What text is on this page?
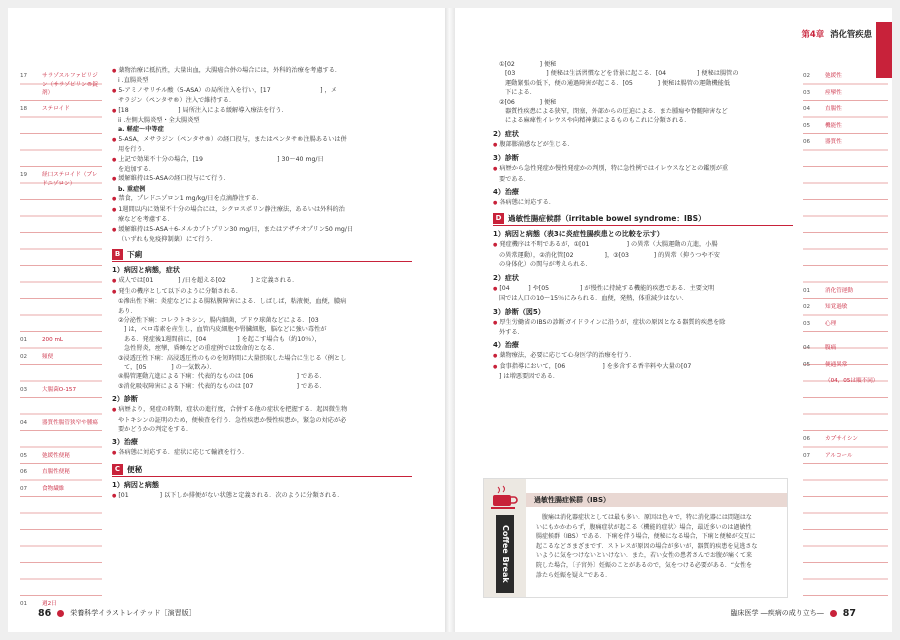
17	サラゾスルファピリジン（サラゾピリン®錠剤）
18	ステロイド
19	経口ステロイド（プレドニゾロン）
01	200 mL
02	頻便
03	大腸菌O-157
04	器質性腸管狭窄や腫瘍
05	弛緩性便秘
06	直腸性便秘
07	食物繊維
01	週2日
● 薬物治療に抵抗性，大量出血，大腸癌合併の場合には，外科的治療を考慮する．
i .直腸炎型
● 5-アミノサリチル酸（5-ASA）の局所注入を行い，[17　　　　　　　　] ，メ
サラジン（ペンタサ®）注入で維持する．
● [18　　　　　　　　] 局所注入による緩解導入療法を行う．
ii .左側大腸炎型・全大腸炎型
a. 軽症〜中等症
● 5-ASA，メサラジン（ペンタサ®）の経口投与，またはペンタサ®注腸あるいは併
用を行う．
● 上記で効果不十分の場合，[19　　　　　　　　　　　　] 30〜40 mg/日
を追加する．
● 緩解維持は5-ASAの経口投与にて行う．
b. 重症例
● 禁食，プレドニゾロン1 mg/kg/日を点滴静注する．
● 1週間以内に効果不十分の場合には，シクロスポリン静注療法，あるいは外科的治
療などを考慮する．
● 緩解維持は5-ASA＋6-メルカプトプリン30 mg/日，またはアザチオプリン50 mg/日
（いずれも免疫抑制薬）にて行う．
B 下痢
1）病因と病態，症状
● 成人では[01　　　　] /日を超える[02　　　　] と定義される．
● 発生の機序として以下のように分類される．
①滲出性下痢：炎症などによる腸粘膜障害による．しばしば，粘液便，血便，膿病
あり．
②分泌性下痢：コレラトキシン，腸内細菌，ブドウ球菌などによる．[03
] は，ベロ毒素を産生し，血管内皮細胞や腎臓細胞，脳などに強い毒性が
ある．発症後1週間前に，[04　　　　　] を起こす場合も（約10％），
急性腎炎，痙攣，昏睡などの重症例では致命的となる．
③浸透圧性下痢：高浸透圧性のものを短時間に大量摂取した場合に生じる（例とし
て，[05　　　　] の一気飲み）．
④腸管運動亢進による下痢：代表的なものは [06　　　　　　　] である．
⑤消化吸収障害による下痢：代表的なものは [07　　　　　　　] である．
2）診断
● 病歴より，発症の時期，症状の進行度，合併する他の症状を把握する．起因微生物
やトキシンの証明のため，便検査を行う．急性疾患か慢性疾患か，緊急の対応が必
要かどうかの判定をする．
3）治療
● 各病態に対応する．症状に応じて輸液を行う．
C 便秘
1）病因と病態
● [01　　　　　] 以下しか排便がない状態と定義される．次のように分類される．
86	栄養科学イラストレイテッド［演習版］
第4章 消化管疾患
02	弛緩性
03	痙攣性
04	直腸性
05	機能性
06	器質性
01	消化管運動
02	知覚過敏
03	心理
04	腹痛
05	便通異常
（04，05は順不同）
06	カプサイシン
07	アルコール
①[02　　　　] 便秘
[03　　　　　] 便秘は生活習慣などを背景に起こる．[04　　　　　] 便秘は腸管の
運動緊張の低下，便の通過障害が起こる．[05　　　　] 便秘は腸管の運動機能低
下による．
②[06　　　　] 便秘
器質性疾患による狭窄，閉塞，外部からの圧迫による．また腫瘍や脊髄障害など
による麻痺性イレウスや向精神薬によるものもこれに分類される．
2）症状
● 腹部膨満感などが生じる．
3）診断
● 病歴から急性発症か慢性発症かの判別，特に急性例ではイレウスなどとの鑑別が重
要である．
4）治療
● 各病態に対応する．
D 過敏性腸症候群（irritable bowel syndrome：IBS）
1）病因と病態（表3に炎症性腸疾患との比較を示す）
● 発症機序は不明であるが，①[01　　　　　　] の異常（大腸運動の亢進，小腸
の異常運動），②消化管[02　　　　　]，③[03　　　　] 的異常（抑うつや不安
の身体化）の関与が考えられる．
2）症状
● [04　　　] や[05　　　　　] が慢性に持続する機能的疾患である．主要文明
国では人口の10〜15％にみられる．血便，発熱，体重減少はない．
3）診断（図5）
● 厚生労働省のIBSの診断ガイドラインに沿うが，症状の原因となる器質的疾患を除
外する．
4）治療
● 薬物療法，必要に応じて心身医学的治療を行う．
● 食事指導において，[06　　　　　　] を多含する香辛料や大量の[07
] は増悪要因である．
過敏性腸症候群（IBS）
Coffee Break
　腹痛は消化器症状としては最も多い．原因は色々で，特に消化器には問題はな
いにもかかわらず，腹痛症状が起こる〈機能的症状〉場合，最近多いのは過敏性
腸症候群（IBS）である．下痢を伴う場合，便秘になる場合，下痢と便秘が交互に
起こるなどさまざまです．ストレスが原因の場合が多いが，器質的疾患を見逃さな
いように気をつけないといけない．また，若い女性の患者さんでお腹が痛くて来
院した場合，〔子宮外〕妊娠のことがあるので，気をつける必要がある．“女性を
診たら妊娠を疑え”である．
臨床医学 ―疾病の成り立ち― 87
